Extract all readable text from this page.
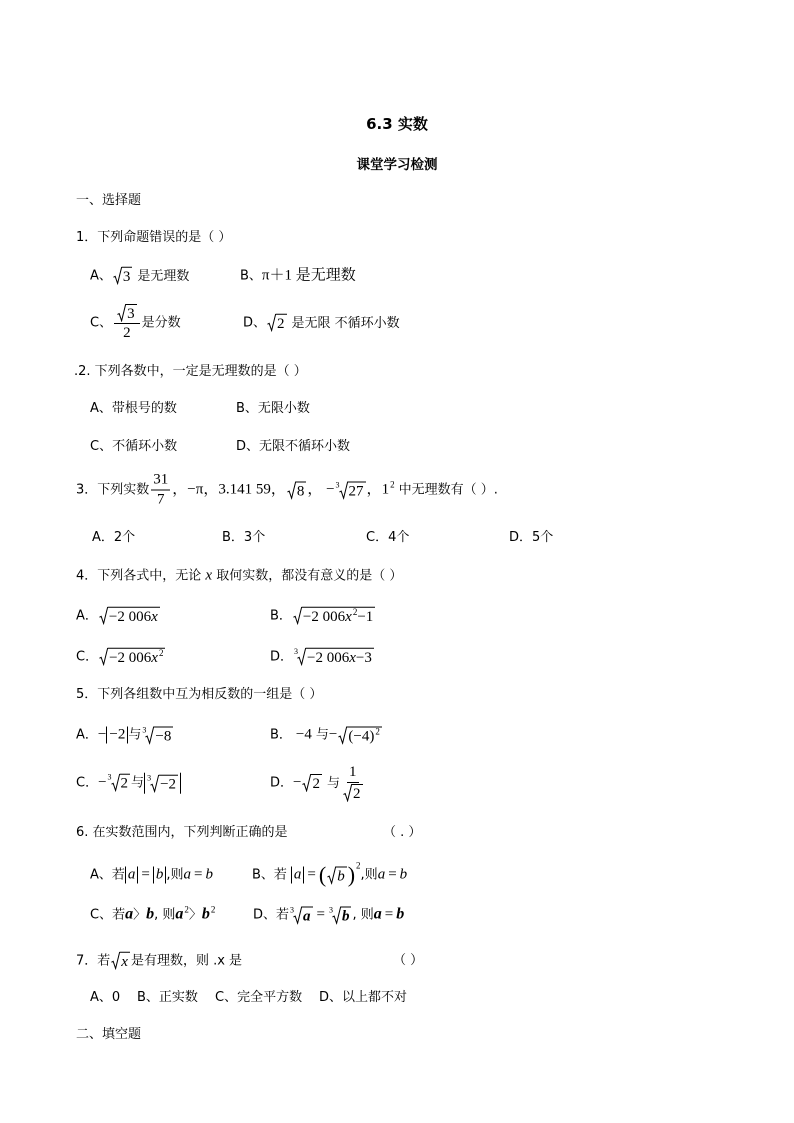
6.3 实数
课堂学习检测
一、选择题
1．下列命题错误的是（ ）
A、 3 是无理数	B、π＋1 是无理数
C、 $\frac{3}{2}$ 是分数	D、 2 是无限 不循环小数
.2. 下列各数中，一定是无理数的是（ ）
A、带根号的数	B、无限小数
C、不循环小数	D、无限不循环小数
3．下列实数 $\frac{31}{7}$ ，−π，3.141 59， 8 ， − 3 27 ，$1^2$ 中无理数有（ ）.
A．2个	B．3个	C．4个	D．5个
4．下列各式中，无论 x 取何实数，都没有意义的是（ ）
A． −2 006x	B． −2 $006x^2-1$
C． −2 $006x^2$	D． 3 −2 006x−3
5．下列各组数中互为相反数的一组是（ ）
A．− −2 与 3 −8	B． −4 与− $(-4)^2$
C．− 3 2 与 3 −2	D．− 2 与 $\frac{1}{2}$
6. 在实数范围内，下列判断正确的是	（ . ）
A、若 a = b ,则a = b	B、若 a = ( b )$^2$,则a = b
C、若a〉b, 则$a^2$〉$b^2$	D、若 3 a = 3 b , 则a = b
7．若 x 是有理数，则 .x 是	（ ）
A、0 B、正实数 C、完全平方数 D、以上都不对
二、填空题
